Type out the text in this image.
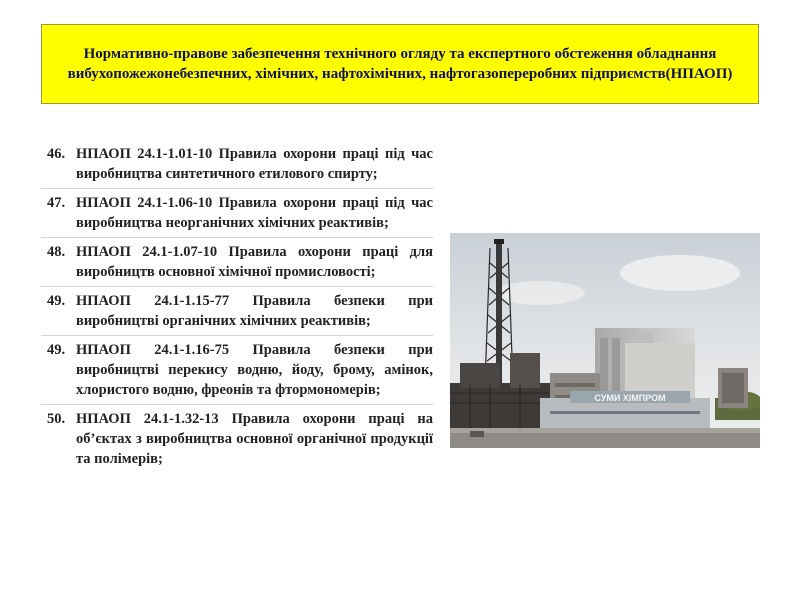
Нормативно-правове забезпечення технічного огляду та експертного обстеження обладнання вибухопожежонебезпечних, хімічних, нафтохімічних, нафтогазопереробних підприємств(НПАОП)
46. НПАОП 24.1-1.01-10 Правила охорони праці під час виробництва синтетичного етилового спирту;
47. НПАОП 24.1-1.06-10 Правила охорони праці під час виробництва неорганічних хімічних реактивів;
48. НПАОП 24.1-1.07-10 Правила охорони праці для виробництв основної хімічної промисловості;
49. НПАОП 24.1-1.15-77 Правила безпеки при виробництві органічних хімічних реактивів;
49. НПАОП 24.1-1.16-75 Правила безпеки при виробництві перекису водню, йоду, брому, амінок, хлористого водню, фреонів та фтормономерів;
50. НПАОП 24.1-1.32-13 Правила охорони праці на об’єктах з виробництва основної органічної продукції та полімерів;
СУМИ ХІМПРОМ
